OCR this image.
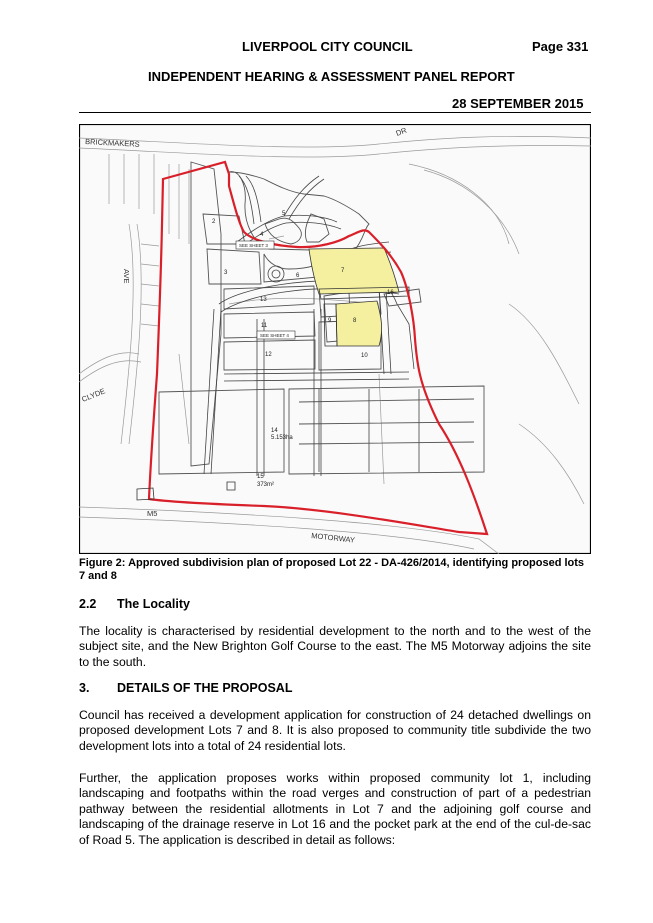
LIVERPOOL CITY COUNCIL	Page 331
INDEPENDENT HEARING & ASSESSMENT PANEL REPORT
28 SEPTEMBER 2015
BRICKMAKERS
DR
AVE
CLYDE
M5
MOTORWAY
2
3
4
5
6
7
8
9
10
11
12
13
14
5.153ha
15
373m²
16
SEE SHEET 3
SEE SHEET 4
Figure 2: Approved subdivision plan of proposed Lot 22 - DA-426/2014, identifying proposed lots 7 and 8
2.2 The Locality
The locality is characterised by residential development to the north and to the west of the subject site, and the New Brighton Golf Course to the east. The M5 Motorway adjoins the site to the south.
3. DETAILS OF THE PROPOSAL
Council has received a development application for construction of 24 detached dwellings on proposed development Lots 7 and 8. It is also proposed to community title subdivide the two development lots into a total of 24 residential lots.
Further, the application proposes works within proposed community lot 1, including landscaping and footpaths within the road verges and construction of part of a pedestrian pathway between the residential allotments in Lot 7 and the adjoining golf course and landscaping of the drainage reserve in Lot 16 and the pocket park at the end of the cul-de-sac of Road 5. The application is described in detail as follows:
